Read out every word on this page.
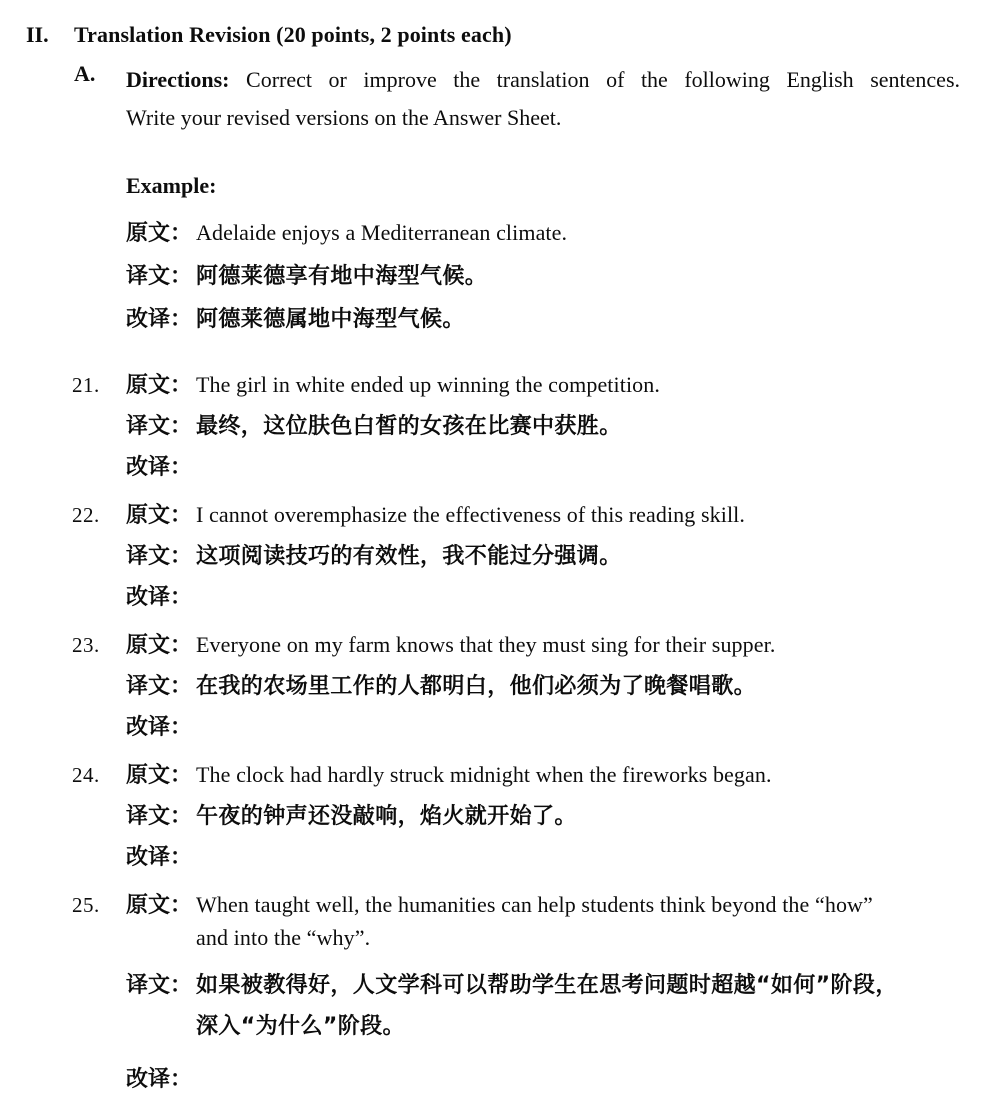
II. Translation Revision (20 points, 2 points each)
A. Directions: Correct or improve the translation of the following English sentences.
Write your revised versions on the Answer Sheet.
Example:
原文： Adelaide enjoys a Mediterranean climate.
译文： 阿德莱德享有地中海型气候。
改译： 阿德莱德属地中海型气候。
21.	原文： The girl in white ended up winning the competition.
译文： 最终，这位肤色白皙的女孩在比赛中获胜。
改译：
22.	原文： I cannot overemphasize the effectiveness of this reading skill.
译文： 这项阅读技巧的有效性，我不能过分强调。
改译：
23.	原文： Everyone on my farm knows that they must sing for their supper.
译文： 在我的农场里工作的人都明白，他们必须为了晚餐唱歌。
改译：
24.	原文： The clock had hardly struck midnight when the fireworks began.
译文： 午夜的钟声还没敲响，焰火就开始了。
改译：
25.	原文： When taught well, the humanities can help students think beyond the “how”
and into the “why”.
译文： 如果被教得好，人文学科可以帮助学生在思考问题时超越“如何”阶段，
深入“为什么”阶段。
改译：
